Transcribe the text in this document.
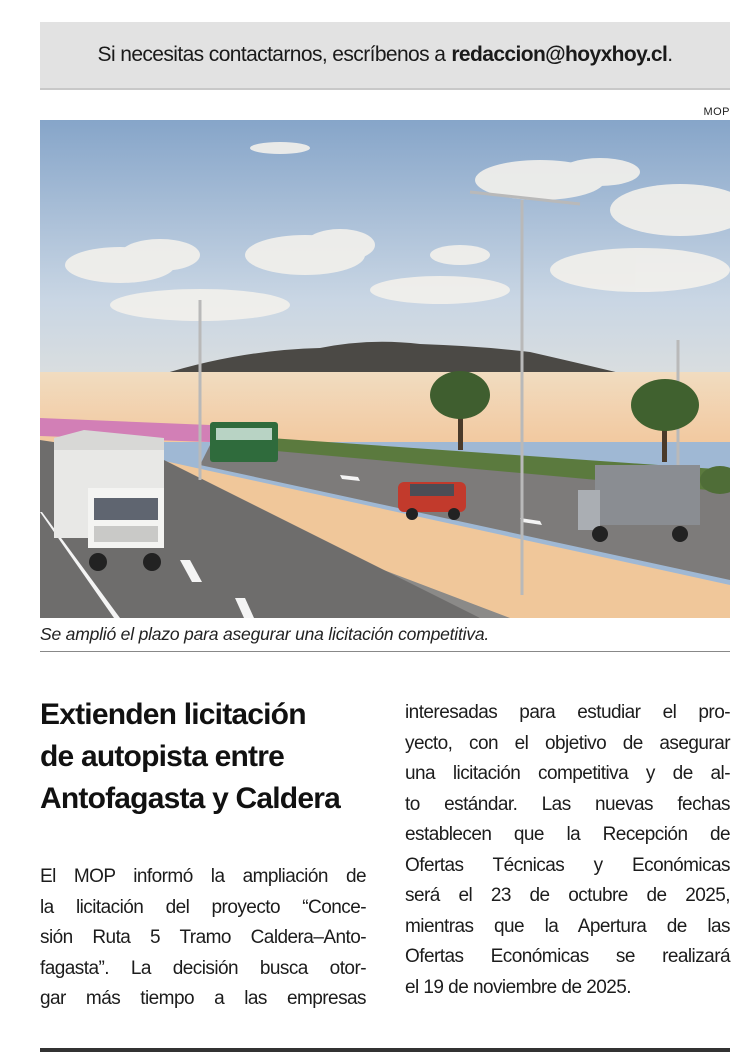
Si necesitas contactarnos, escríbenos a redaccion@hoyxhoy.cl .
MOP
Se amplió el plazo para asegurar una licitación competitiva.
Extienden licitación
de autopista entre
Antofagasta y Caldera
El MOP informó la ampliación de
la licitación del proyecto “Conce-
sión Ruta 5 Tramo Caldera–Anto-
fagasta”. La decisión busca otor-
gar más tiempo a las empresas
interesadas para estudiar el pro-
yecto, con el objetivo de asegurar
una licitación competitiva y de al-
to estándar. Las nuevas fechas
establecen que la Recepción de
Ofertas Técnicas y Económicas
será el 23 de octubre de 2025,
mientras que la Apertura de las
Ofertas Económicas se realizará
el 19 de noviembre de 2025.
